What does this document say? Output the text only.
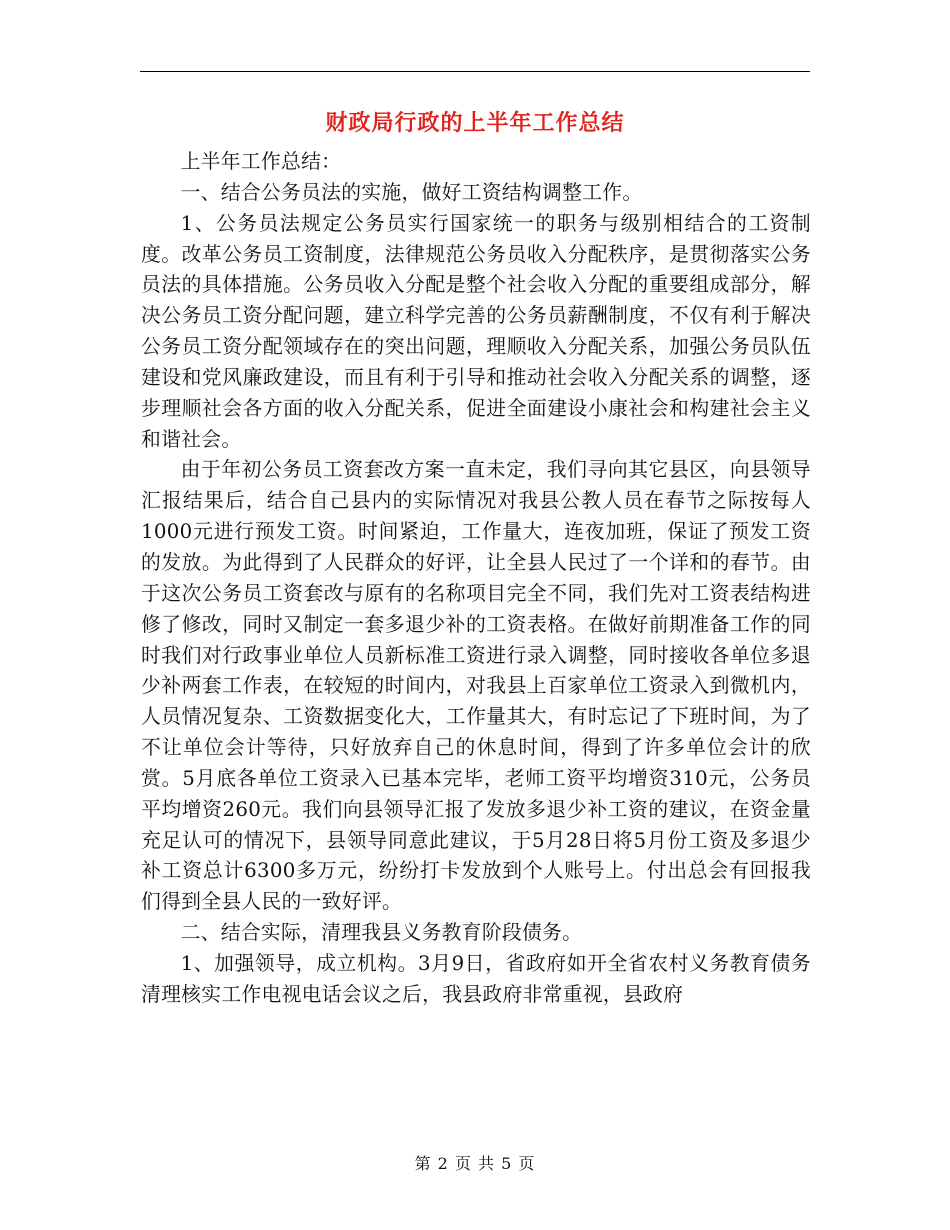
财政局行政的上半年工作总结

上半年工作总结：

一、结合公务员法的实施，做好工资结构调整工作。

1、公务员法规定公务员实行国家统一的职务与级别相结合的工资制度。改革公务员工资制度，法律规范公务员收入分配秩序，是贯彻落实公务员法的具体措施。公务员收入分配是整个社会收入分配的重要组成部分，解决公务员工资分配问题，建立科学完善的公务员薪酬制度，不仅有利于解决公务员工资分配领域存在的突出问题，理顺收入分配关系，加强公务员队伍建设和党风廉政建设，而且有利于引导和推动社会收入分配关系的调整，逐步理顺社会各方面的收入分配关系，促进全面建设小康社会和构建社会主义和谐社会。

由于年初公务员工资套改方案一直未定，我们寻向其它县区，向县领导汇报结果后，结合自己县内的实际情况对我县公教人员在春节之际按每人1000元进行预发工资。时间紧迫，工作量大，连夜加班，保证了预发工资的发放。为此得到了人民群众的好评，让全县人民过了一个详和的春节。由于这次公务员工资套改与原有的名称项目完全不同，我们先对工资表结构进修了修改，同时又制定一套多退少补的工资表格。在做好前期准备工作的同时我们对行政事业单位人员新标准工资进行录入调整，同时接收各单位多退少补两套工作表，在较短的时间内，对我县上百家单位工资录入到微机内，人员情况复杂、工资数据变化大，工作量其大，有时忘记了下班时间，为了不让单位会计等待，只好放弃自己的休息时间，得到了许多单位会计的欣赏。5月底各单位工资录入已基本完毕，老师工资平均增资310元，公务员平均增资260元。我们向县领导汇报了发放多退少补工资的建议，在资金量充足认可的情况下，县领导同意此建议，于5月28日将5月份工资及多退少补工资总计6300多万元，纷纷打卡发放到个人账号上。付出总会有回报我们得到全县人民的一致好评。

二、结合实际，清理我县义务教育阶段债务。

1、加强领导，成立机构。3月9日，省政府如开全省农村义务教育债务清理核实工作电视电话会议之后，我县政府非常重视，县政府

第 2 页 共 5 页
